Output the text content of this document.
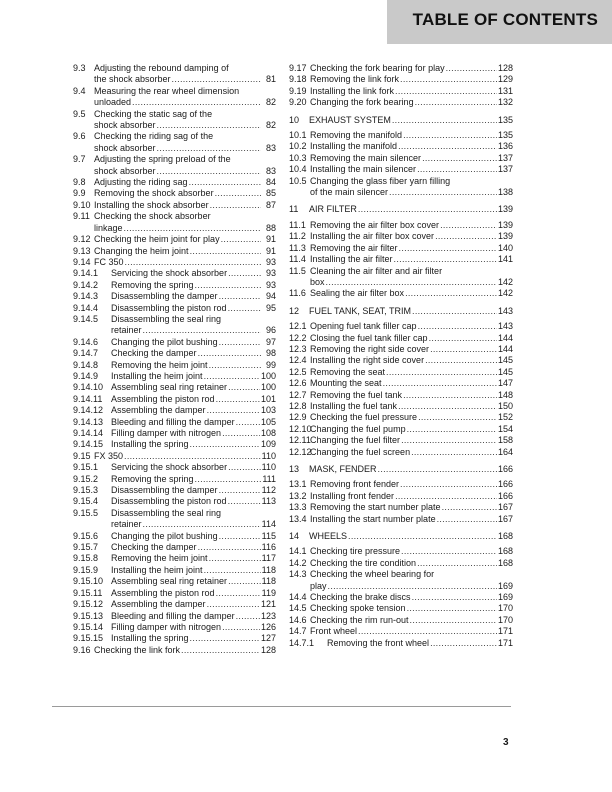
TABLE OF CONTENTS
9.3 Adjusting the rebound damping of
the shock absorber .....	81
9.4 Measuring the rear wheel dimension
unloaded .....	82
9.5 Checking the static sag of the
shock absorber .....	82
9.6 Checking the riding sag of the
shock absorber .....	83
9.7 Adjusting the spring preload of the
shock absorber .....	83
9.8 Adjusting the riding sag .....	84
9.9 Removing the shock absorber .....	85
9.10 Installing the shock absorber .....	87
9.11 Checking the shock absorber
linkage .....	88
9.12 Checking the heim joint for play .....	91
9.13 Changing the heim joint .....	91
9.14 FC 350 .....	93
9.14.1 Servicing the shock absorber .....	93
9.14.2 Removing the spring .....	93
9.14.3 Disassembling the damper .....	94
9.14.4 Disassembling the piston rod .....	95
9.14.5 Disassembling the seal ring
retainer .....	96
9.14.6 Changing the pilot bushing .....	97
9.14.7 Checking the damper .....	98
9.14.8 Removing the heim joint .....	99
9.14.9 Installing the heim joint .....	100
9.14.10 Assembling seal ring retainer .....	100
9.14.11 Assembling the piston rod .....	101
9.14.12 Assembling the damper .....	103
9.14.13 Bleeding and filling the damper .....	105
9.14.14 Filling damper with nitrogen .....	108
9.14.15 Installing the spring .....	109
9.15 FX 350 .....	110
9.15.1 Servicing the shock absorber .....	110
9.15.2 Removing the spring .....	111
9.15.3 Disassembling the damper .....	112
9.15.4 Disassembling the piston rod .....	113
9.15.5 Disassembling the seal ring
retainer .....	114
9.15.6 Changing the pilot bushing .....	115
9.15.7 Checking the damper .....	116
9.15.8 Removing the heim joint .....	117
9.15.9 Installing the heim joint .....	118
9.15.10 Assembling seal ring retainer .....	118
9.15.11 Assembling the piston rod .....	119
9.15.12 Assembling the damper .....	121
9.15.13 Bleeding and filling the damper .....	123
9.15.14 Filling damper with nitrogen .....	126
9.15.15 Installing the spring .....	127
9.16 Checking the link fork .....	128
9.17 Checking the fork bearing for play .....	128
9.18 Removing the link fork .....	129
9.19 Installing the link fork .....	131
9.20 Changing the fork bearing .....	132
10 EXHAUST SYSTEM .....	135
10.1 Removing the manifold .....	135
10.2 Installing the manifold .....	136
10.3 Removing the main silencer .....	137
10.4 Installing the main silencer .....	137
10.5 Changing the glass fiber yarn filling
of the main silencer .....	138
11 AIR FILTER .....	139
11.1 Removing the air filter box cover .....	139
11.2 Installing the air filter box cover .....	139
11.3 Removing the air filter .....	140
11.4 Installing the air filter .....	141
11.5 Cleaning the air filter and air filter
box .....	142
11.6 Sealing the air filter box .....	142
12 FUEL TANK, SEAT, TRIM .....	143
12.1 Opening fuel tank filler cap .....	143
12.2 Closing the fuel tank filler cap .....	144
12.3 Removing the right side cover .....	144
12.4 Installing the right side cover .....	145
12.5 Removing the seat .....	145
12.6 Mounting the seat .....	147
12.7 Removing the fuel tank .....	148
12.8 Installing the fuel tank .....	150
12.9 Checking the fuel pressure .....	152
12.10
Changing the fuel pump .....	154
12.11 Changing the fuel filter .....	158
12.12
Changing the fuel screen .....	164
13 MASK, FENDER .....	166
13.1 Removing front fender .....	166
13.2 Installing front fender .....	166
13.3 Removing the start number plate .....	167
13.4 Installing the start number plate .....	167
14 WHEELS .....	168
14.1 Checking tire pressure .....	168
14.2 Checking the tire condition .....	168
14.3 Checking the wheel bearing for
play .....	169
14.4 Checking the brake discs .....	169
14.5 Checking spoke tension .....	170
14.6 Checking the rim run-out .....	170
14.7 Front wheel .....	171
14.7.1 Removing the front wheel .....	171
3
